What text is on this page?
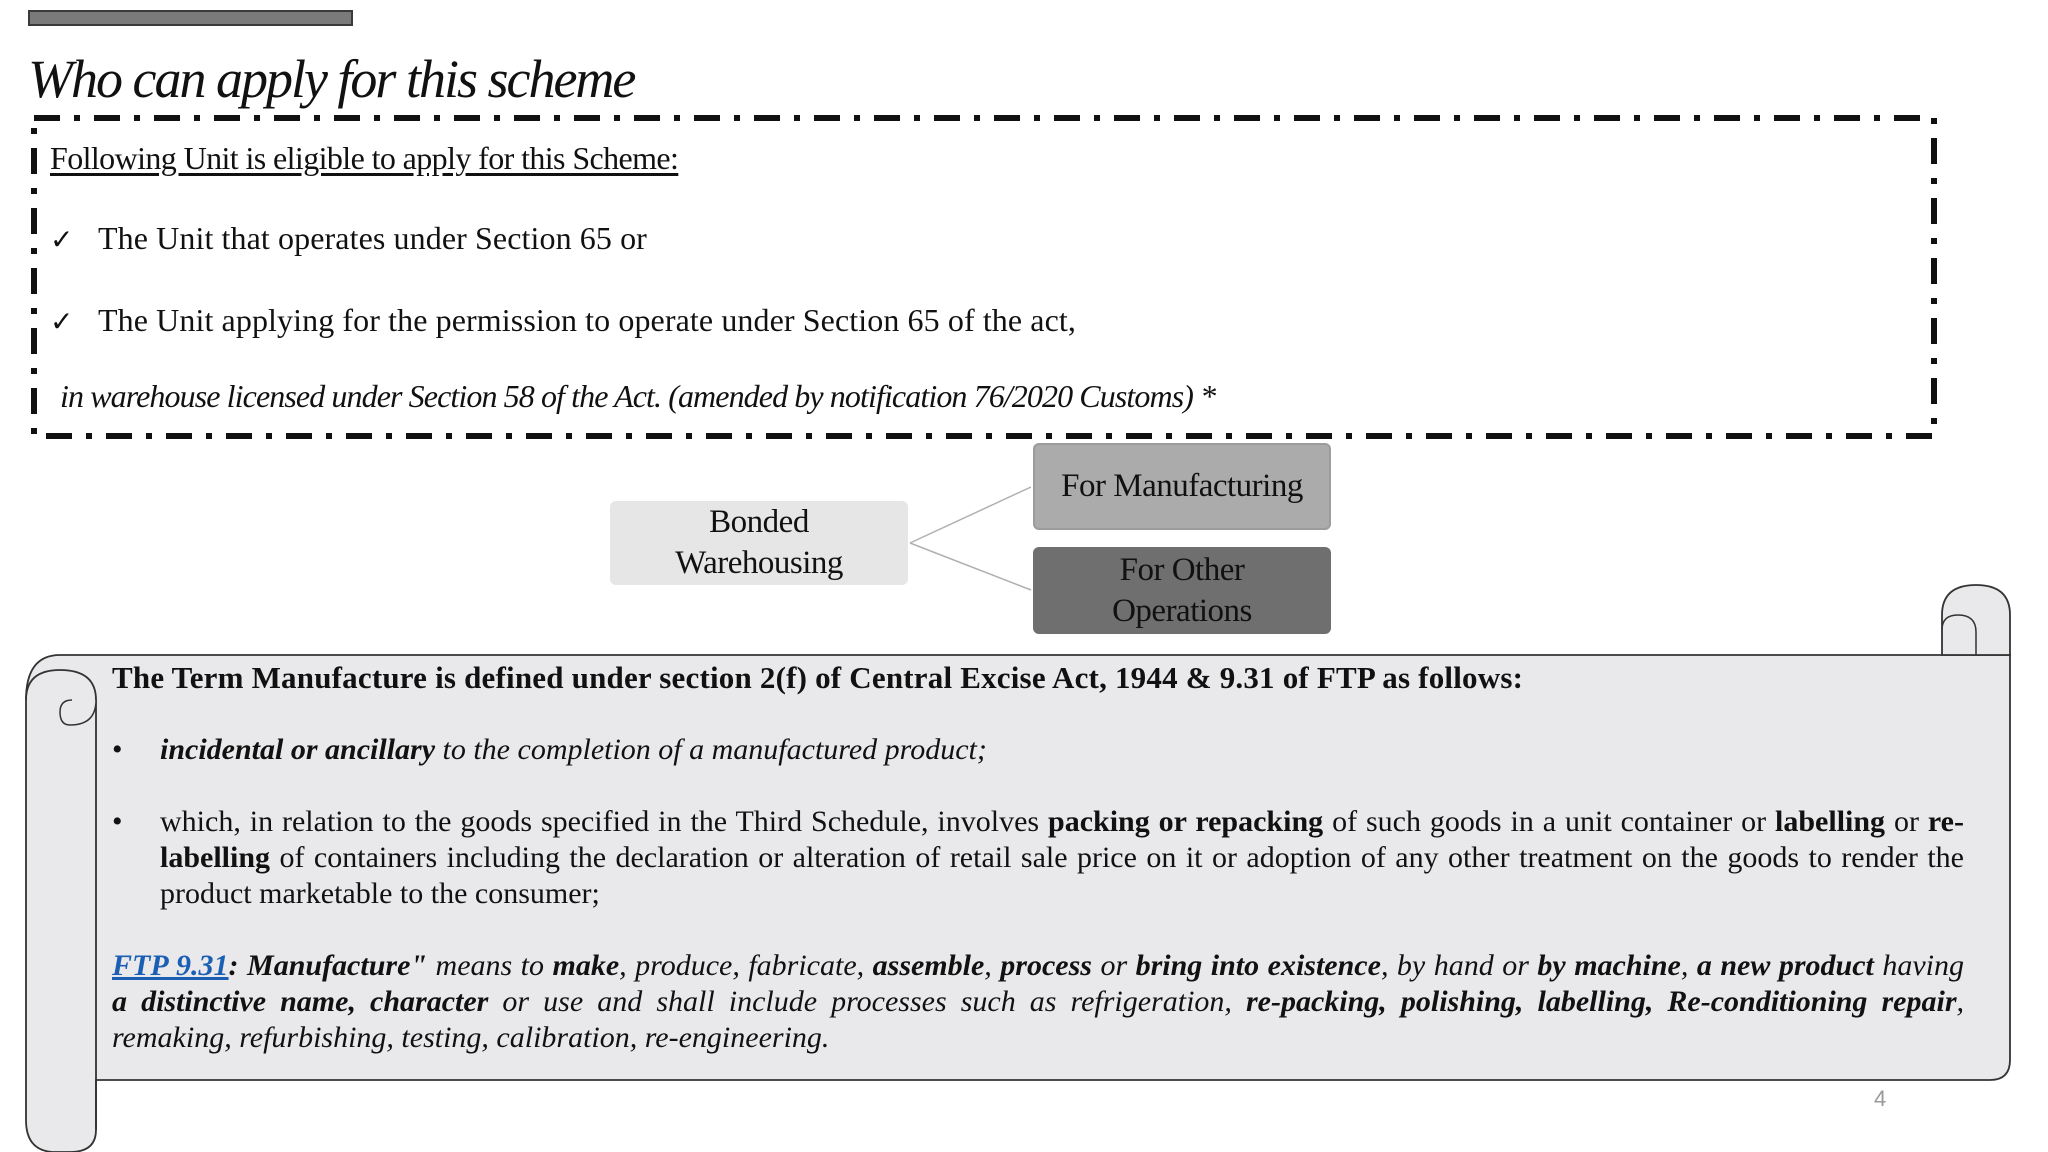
Who can apply for this scheme
Following Unit is eligible to apply for this Scheme:
✓ The Unit that operates under Section 65 or
✓ The Unit applying for the permission to operate under Section 65 of the act,
in warehouse licensed under Section 58 of the Act. (amended by notification 76/2020 Customs) *
Bonded
Warehousing
For Manufacturing
For Other
Operations
The Term Manufacture is defined under section 2(f) of Central Excise Act, 1944 & 9.31 of FTP as follows:
• incidental or ancillary to the completion of a manufactured product;
• which, in relation to the goods specified in the Third Schedule, involves packing or repacking of such goods in a unit container or labelling or re-labelling of containers including the declaration or alteration of retail sale price on it or adoption of any other treatment on the goods to render the product marketable to the consumer;
FTP 9.31: Manufacture" means to make, produce, fabricate, assemble, process or bring into existence, by hand or by machine, a new product having a distinctive name, character or use and shall include processes such as refrigeration, re-packing, polishing, labelling, Re-conditioning repair, remaking, refurbishing, testing, calibration, re-engineering.
4
